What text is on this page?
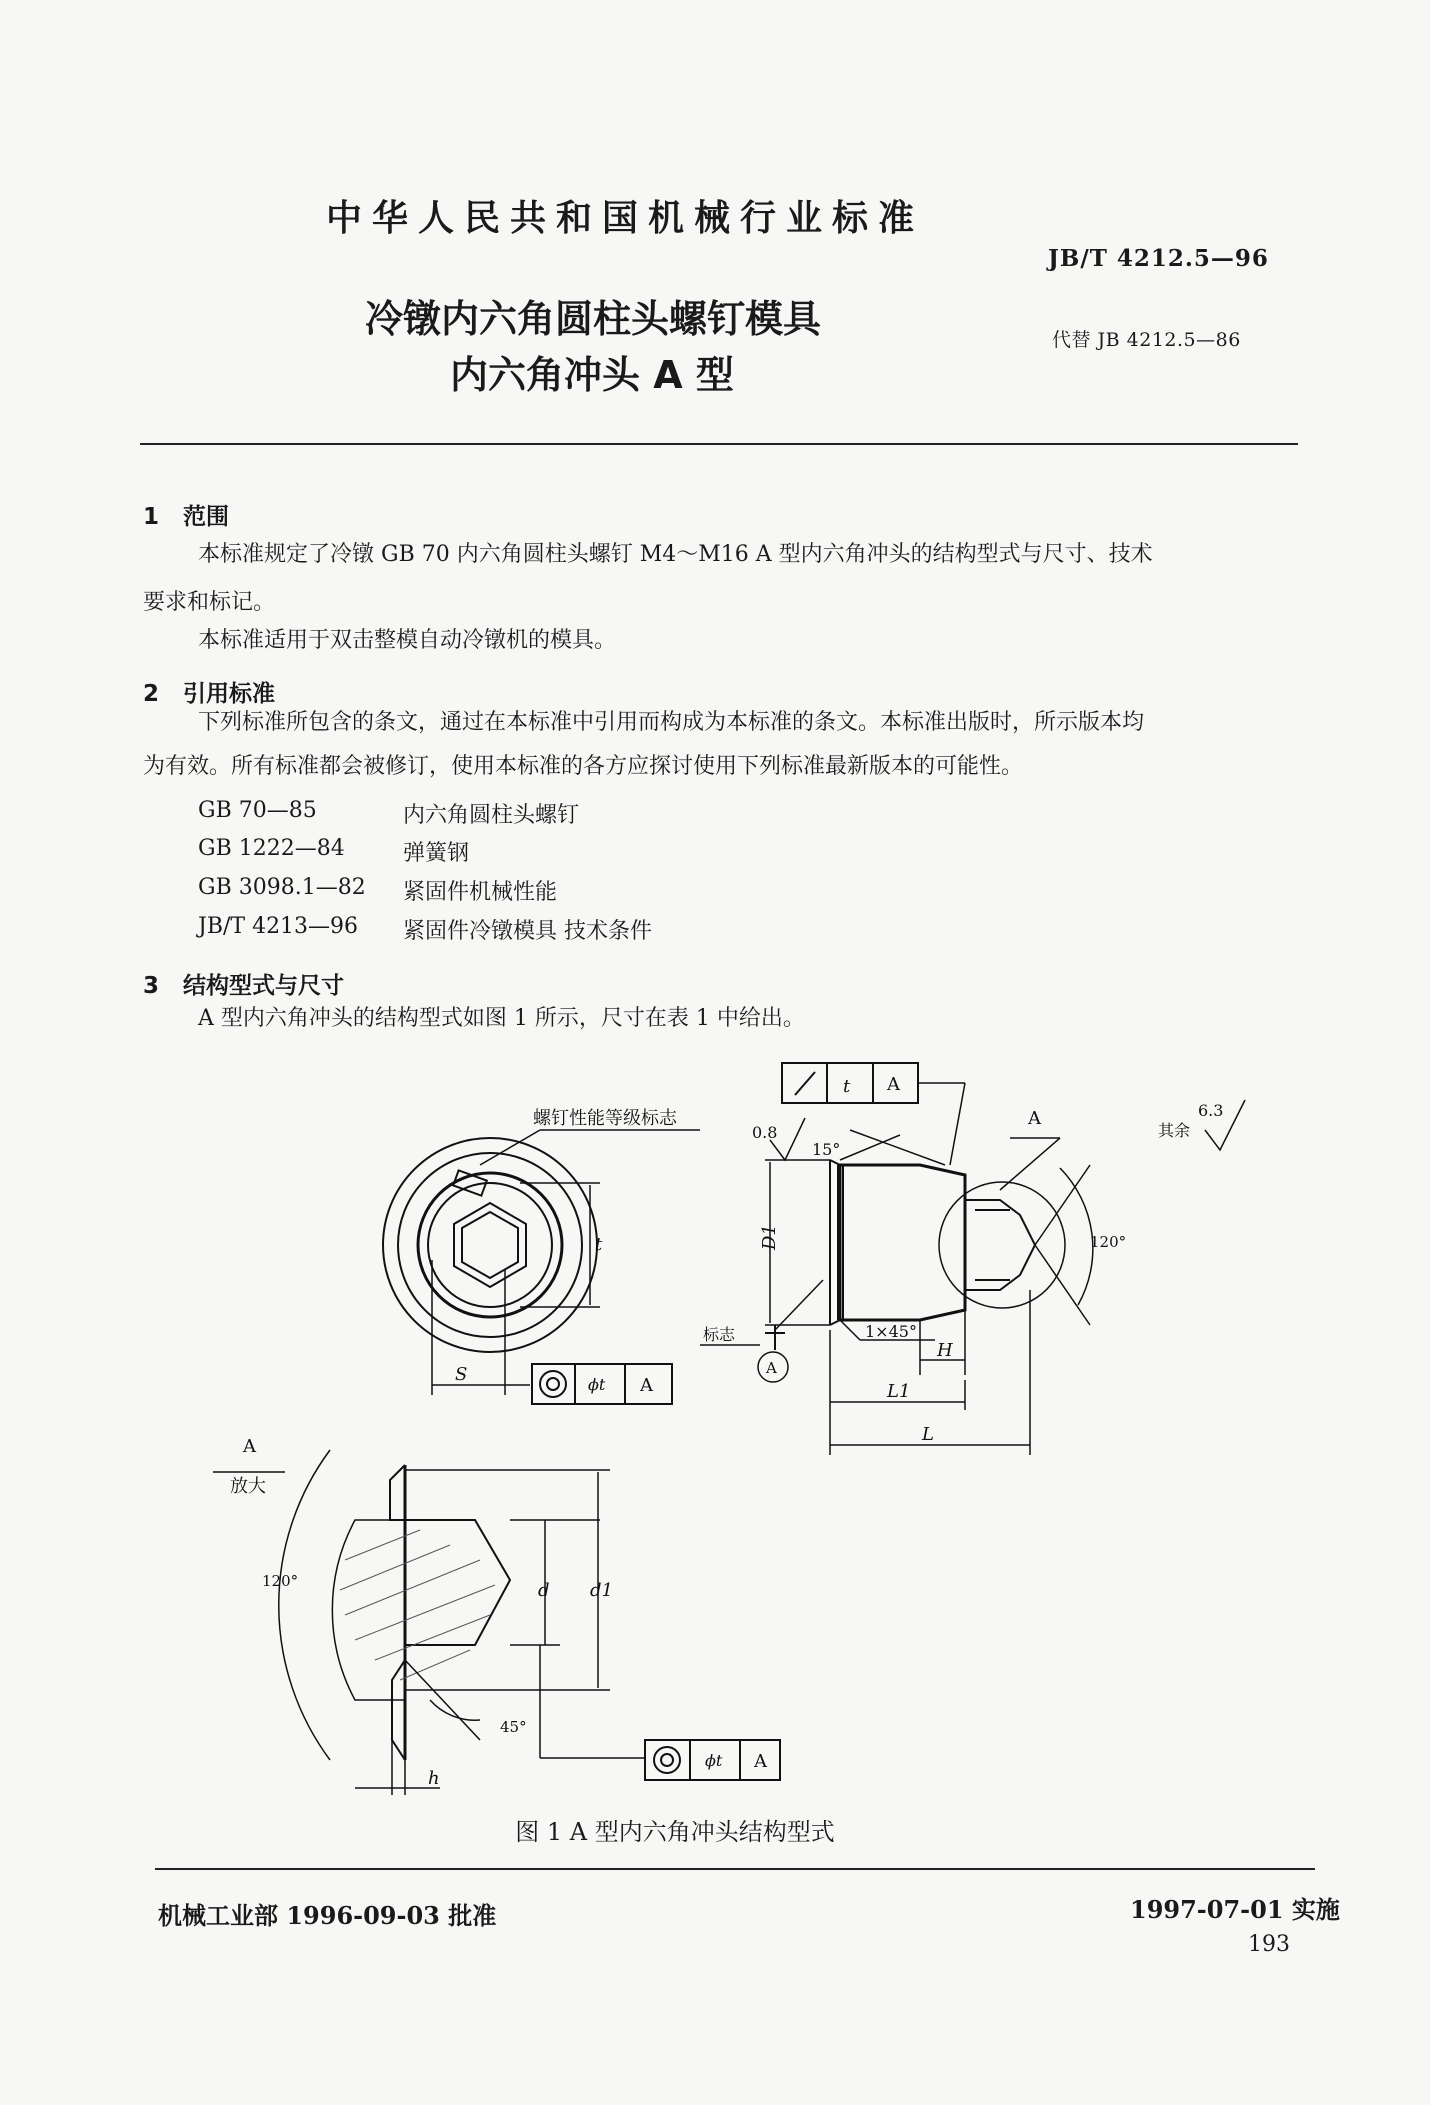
中华人民共和国机械行业标准
JB/T 4212.5—96
冷镦内六角圆柱头螺钉模具
内六角冲头 A 型
代替 JB 4212.5—86
1 范围
本标准规定了冷镦 GB 70 内六角圆柱头螺钉 M4～M16 A 型内六角冲头的结构型式与尺寸、技术
要求和标记。
本标准适用于双击整模自动冷镦机的模具。
2 引用标准
下列标准所包含的条文，通过在本标准中引用而构成为本标准的条文。本标准出版时，所示版本均
为有效。所有标准都会被修订，使用本标准的各方应探讨使用下列标准最新版本的可能性。
GB 70—85	内六角圆柱头螺钉
GB 1222—84	弹簧钢
GB 3098.1—82 紧固件机械性能
JB/T 4213—96 紧固件冷镦模具 技术条件
3 结构型式与尺寸
A 型内六角冲头的结构型式如图 1 所示，尺寸在表 1 中给出。
螺钉性能等级标志
t
S	ϕt A
t A
0.8
15°
A
其余
6.3
120°
D1
1×45°
H
L1
L
标志
A
A
放大
120°	d d1
45°
h
ϕt A
图 1 A 型内六角冲头结构型式
机械工业部 1996-09-03 批准	1997-07-01 实施
193
